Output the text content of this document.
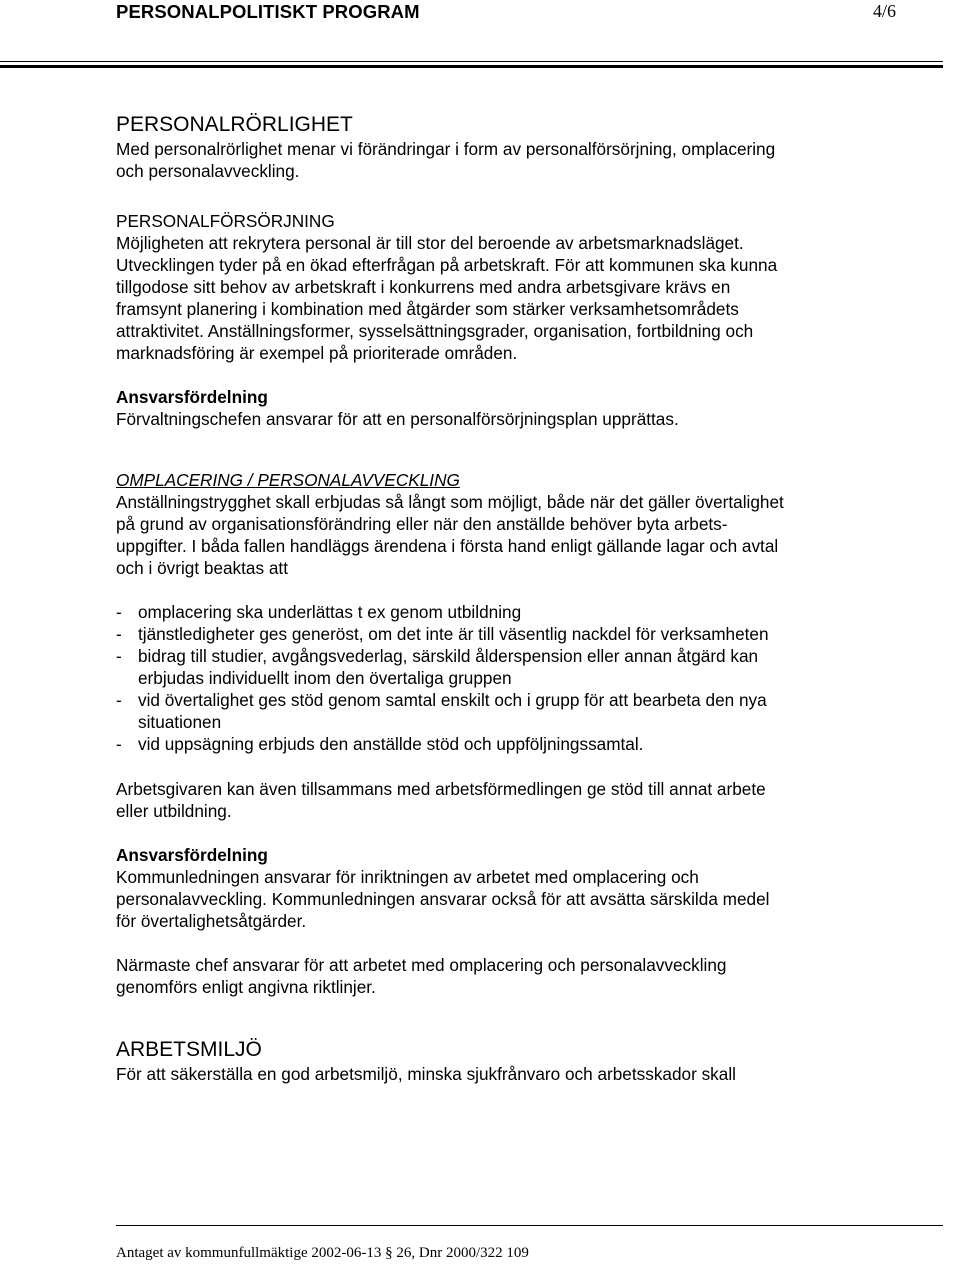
PERSONALPOLITISKT PROGRAM	4/6

PERSONALRÖRLIGHET

Med personalrörlighet menar vi förändringar i form av personalförsörjning, omplacering

och personalavveckling.

PERSONALFÖRSÖRJNING

Möjligheten att rekrytera personal är till stor del beroende av arbetsmarknadsläget.

Utvecklingen tyder på en ökad efterfrågan på arbetskraft. För att kommunen ska kunna

tillgodose sitt behov av arbetskraft i konkurrens med andra arbetsgivare krävs en

framsynt planering i kombination med åtgärder som stärker verksamhetsområdets

attraktivitet. Anställningsformer, sysselsättningsgrader, organisation, fortbildning och

marknadsföring är exempel på prioriterade områden.

Ansvarsfördelning

Förvaltningschefen ansvarar för att en personalförsörjningsplan upprättas.

OMPLACERING / PERSONALAVVECKLING

Anställningstrygghet skall erbjudas så långt som möjligt, både när det gäller övertalighet

på grund av organisationsförändring eller när den anställde behöver byta arbets-

uppgifter. I båda fallen handläggs ärendena i första hand enligt gällande lagar och avtal

och i övrigt beaktas att

- omplacering ska underlättas t ex genom utbildning

- tjänstledigheter ges generöst, om det inte är till väsentlig nackdel för verksamheten

- bidrag till studier, avgångsvederlag, särskild ålderspension eller annan åtgärd kan

erbjudas individuellt inom den övertaliga gruppen

- vid övertalighet ges stöd genom samtal enskilt och i grupp för att bearbeta den nya

situationen

- vid uppsägning erbjuds den anställde stöd och uppföljningssamtal.

Arbetsgivaren kan även tillsammans med arbetsförmedlingen ge stöd till annat arbete

eller utbildning.

Ansvarsfördelning

Kommunledningen ansvarar för inriktningen av arbetet med omplacering och

personalavveckling. Kommunledningen ansvarar också för att avsätta särskilda medel

för övertalighetsåtgärder.

Närmaste chef ansvarar för att arbetet med omplacering och personalavveckling

genomförs enligt angivna riktlinjer.

ARBETSMILJÖ

För att säkerställa en god arbetsmiljö, minska sjukfrånvaro och arbetsskador skall

Antaget av kommunfullmäktige 2002-06-13 § 26, Dnr 2000/322 109
